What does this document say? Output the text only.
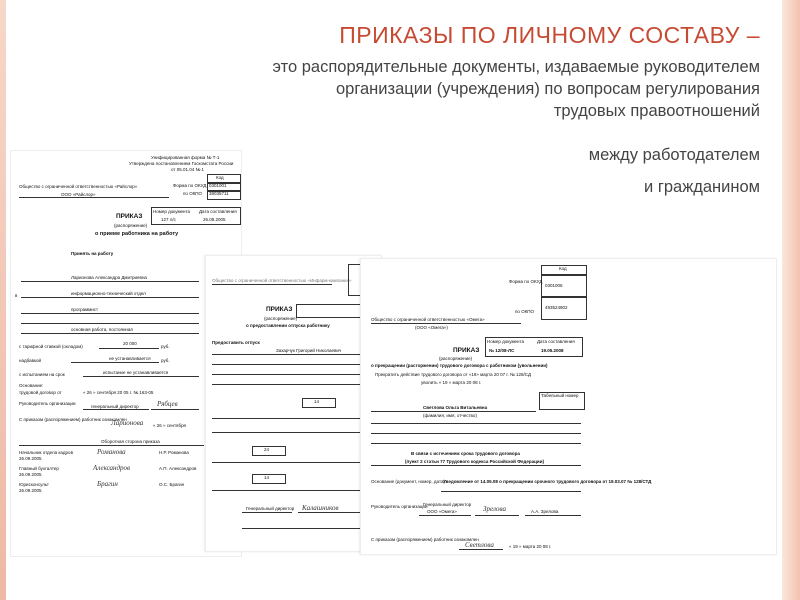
ПРИКАЗЫ ПО ЛИЧНОМУ СОСТАВУ –
это распорядительные документы, издаваемые руководителем
организации (учреждения) по вопросам регулирования
трудовых правоотношений
между работодателем
и гражданином
Унифицированная форма № Т-1
Утверждена постановлением Госкомстата России
от 05.01.04 № 1
Код
0301001
Форма по ОКУД
38035711
по ОКПО
Общество с ограниченной ответственностью «Райслор»
ООО «Райслор»
Номер документа Дата составления
127 л/с	26.08.2005
ПРИКАЗ
(распоряжение)
о приеме работника на работу
Принять на работу
Ларионова Александра Дмитриевна
в	информационно-технический отдел
программист
основная работа, постоянная
с тарифной ставкой (окладом)
20 000
руб.
надбавкой	не устанавливается руб.
с испытанием на срок	испытание не устанавливается
Основание:
трудовой договор от	« 26 » сентября 20 05 г. № 163-05
Руководитель организации
генеральный директор	Рябцев
С приказом (распоряжением) работник ознакомлен
Ларионова « 26 » сентября
Оборотная сторона приказа
Начальник отдела кадров
26.09.2005
Романова	Н.Р. Романова
Главный бухгалтер
26.09.2005
Александров	А.П. Александров
Юрисконсульт
26.09.2005
Брагин	О.С. Брагин
Общество с ограниченной ответственностью «Инфарм-кампания»
ПРИКАЗ
(распоряжение)
о предоставлении отпуска работнику
Предоставить отпуск
Захарчук Григорий Николаевич
14
24
14
Генеральный директор Калашников
Код
0301006
Форма по ОКУД
493524902
по ОКПО
Общество с ограниченной ответственностью «Омега»
(ООО «Омега»)
Номер документа	Дата составления
№ 12/08-ЛС	19.05.2008
ПРИКАЗ
(распоряжение)
о прекращении (расторжении) трудового договора с работником (увольнении)
Прекратить действие трудового договора от «19» марта 20 07 г. № 128/СД
уволить « 19 » марта 20 08 г.
Табельный номер
Светлова Ольга Витальевна
(фамилия, имя, отчество)
В связи с истечением срока трудового договора
(пункт 2 статьи 77 Трудового кодекса Российской Федерации)
Основание (документ, номер, дата):
Уведомление от 14.05.08 о прекращении срочного трудового договора от 19.03.07 № 128/СТД
Руководитель организации
Генеральный директор
ООО «Омега»	Зрелова	А.А. Зрелова
С приказом (распоряжением) работник ознакомлен
Светлова	« 19 » марта 20 08 г.
